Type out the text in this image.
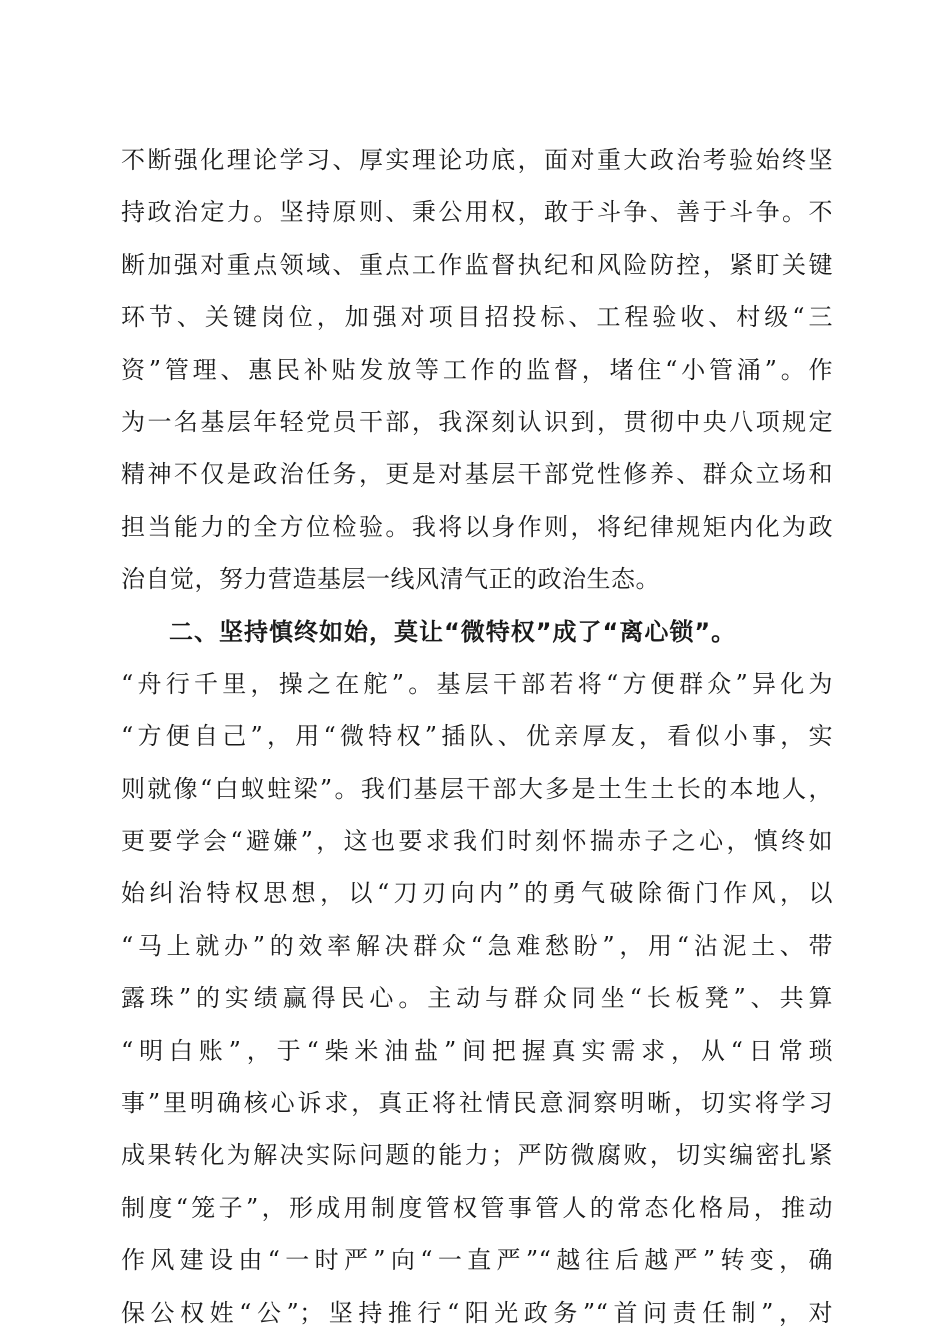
不断强化理论学习、厚实理论功底，面对重大政治考验始终坚
持政治定力。坚持原则、秉公用权，敢于斗争、善于斗争。不
断加强对重点领域、重点工作监督执纪和风险防控，紧盯关键
环节、关键岗位，加强对项目招投标、工程验收、村级“三
资”管理、惠民补贴发放等工作的监督，堵住“小管涌”。作
为一名基层年轻党员干部，我深刻认识到，贯彻中央八项规定
精神不仅是政治任务，更是对基层干部党性修养、群众立场和
担当能力的全方位检验。我将以身作则，将纪律规矩内化为政
治自觉，努力营造基层一线风清气正的政治生态。
二、坚持慎终如始，莫让“微特权”成了“离心锁”。
“舟行千里，操之在舵”。基层干部若将“方便群众”异化为
“方便自己”，用“微特权”插队、优亲厚友，看似小事，实
则就像“白蚁蛀梁”。我们基层干部大多是土生土长的本地人，
更要学会“避嫌”，这也要求我们时刻怀揣赤子之心，慎终如
始纠治特权思想，以“刀刃向内”的勇气破除衙门作风，以
“马上就办”的效率解决群众“急难愁盼”，用“沾泥土、带
露珠”的实绩赢得民心。主动与群众同坐“长板凳”、共算
“明白账”，于“柴米油盐”间把握真实需求，从“日常琐
事”里明确核心诉求，真正将社情民意洞察明晰，切实将学习
成果转化为解决实际问题的能力；严防微腐败，切实编密扎紧
制度“笼子”，形成用制度管权管事管人的常态化格局，推动
作风建设由“一时严”向“一直严”“越往后越严”转变，确
保公权姓“公”；坚持推行“阳光政务”“首问责任制”，对
